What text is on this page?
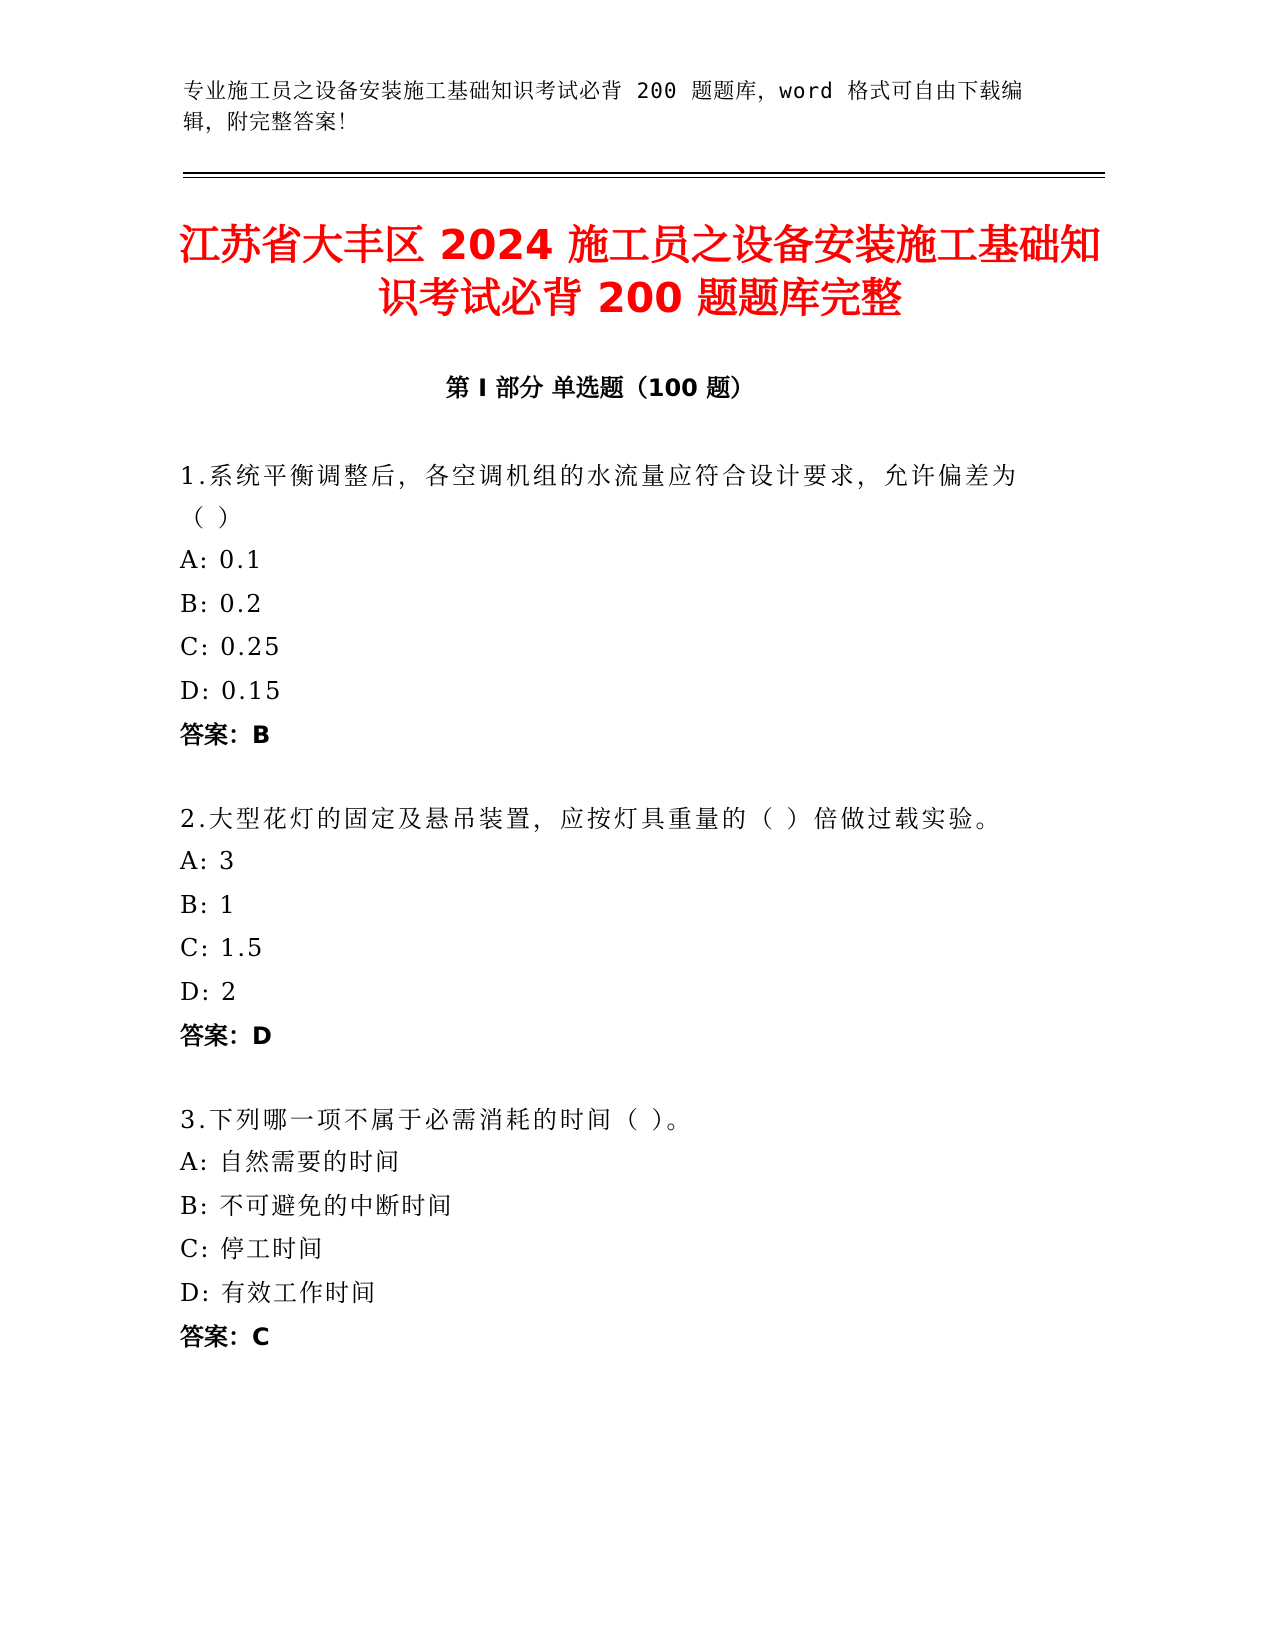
专业施工员之设备安装施工基础知识考试必背 200 题题库，word 格式可自由下载编辑，附完整答案！
江苏省大丰区 2024 施工员之设备安装施工基础知识考试必背 200 题题库完整
第 I 部分 单选题（100 题）

1.系统平衡调整后，各空调机组的水流量应符合设计要求，允许偏差为（ ）

A: 0.1

B: 0.2

C: 0.25

D: 0.15

答案：B

2.大型花灯的固定及悬吊装置，应按灯具重量的（ ）倍做过载实验。

A: 3

B: 1

C: 1.5

D: 2

答案：D

3.下列哪一项不属于必需消耗的时间（ ）。

A: 自然需要的时间

B: 不可避免的中断时间

C: 停工时间

D: 有效工作时间

答案：C
